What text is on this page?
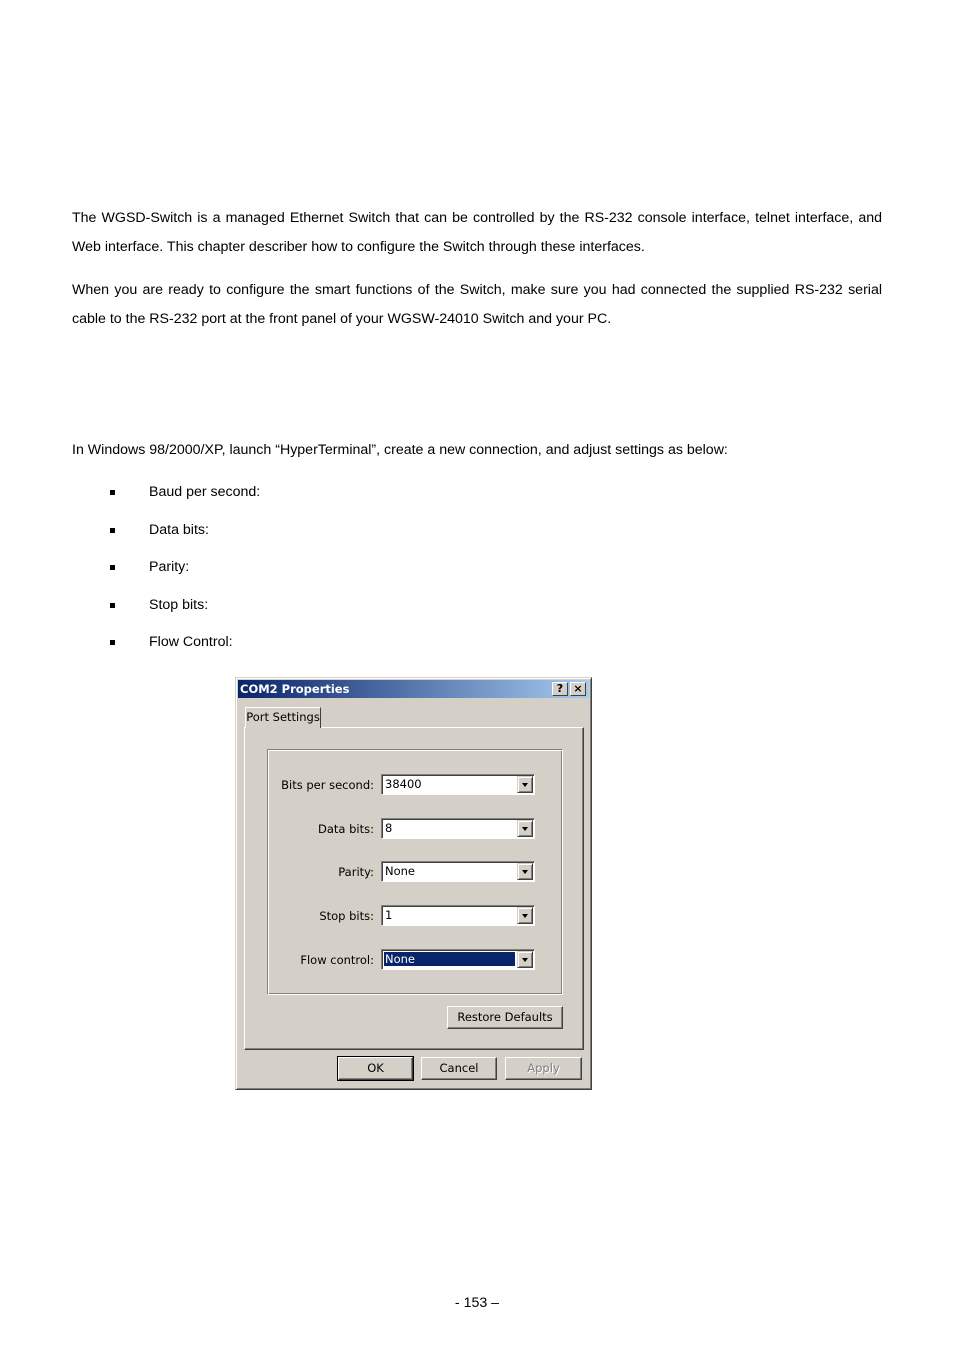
The WGSD-Switch is a managed Ethernet Switch that can be controlled by the RS-232 console interface, telnet interface, and Web interface. This chapter describer how to configure the Switch through these interfaces.

When you are ready to configure the smart functions of the Switch, make sure you had connected the supplied RS-232 serial cable to the RS-232 port at the front panel of your WGSW-24010 Switch and your PC.

In Windows 98/2000/XP, launch “HyperTerminal”, create a new connection, and adjust settings as below:

Baud per second:
Data bits:
Parity:
Stop bits:
Flow Control:
COM2 Properties	? ×
Port Settings
Bits per second: 38400
Data bits: 8
Parity: None
Stop bits: 1
Flow control: None
Restore Defaults
OK	Cancel	Apply
- 153 –
